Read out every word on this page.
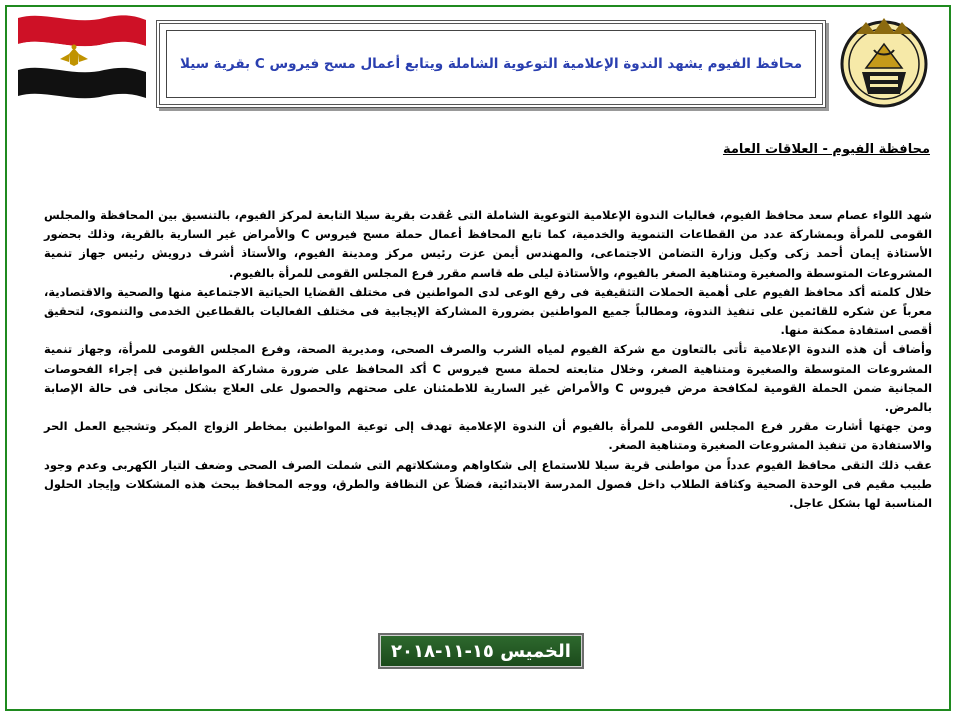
محافظ الفيوم يشهد الندوة الإعلامية التوعوية الشاملة ويتابع أعمال مسح فيروس C بقرية سيلا
محافظة الفيوم - العلاقات العامة

شهد اللواء عصام سعد محافظ الفيوم، فعاليات الندوة الإعلامية التوعوية الشاملة التى عُقدت بقرية سيلا التابعة لمركز الفيوم، بالتنسيق بين المحافظة والمجلس القومى للمرأة وبمشاركة عدد من القطاعات التنموية والخدمية، كما تابع المحافظ أعمال حملة مسح فيروس C والأمراض غير السارية بالقرية، وذلك بحضور الأستاذة إيمان أحمد زكى وكيل وزارة التضامن الاجتماعى، والمهندس أيمن عزت رئيس مركز ومدينة الفيوم، والأستاذ أشرف درويش رئيس جهاز تنمية المشروعات المتوسطة والصغيرة ومتناهية الصغر بالفيوم، والأستاذة ليلى طه قاسم مقرر فرع المجلس القومى للمرأة بالفيوم.

خلال كلمته أكد محافظ الفيوم على أهمية الحملات التثقيفية فى رفع الوعى لدى المواطنين فى مختلف القضايا الحياتية الاجتماعية منها والصحية والاقتصادية، معرباً عن شكره للقائمين على تنفيذ الندوة، ومطالباً جميع المواطنين بضرورة المشاركة الإيجابية فى مختلف الفعاليات بالقطاعين الخدمى والتنموى، لتحقيق أقصى استفادة ممكنة منها.

وأضاف أن هذه الندوة الإعلامية تأتى بالتعاون مع شركة الفيوم لمياه الشرب والصرف الصحى، ومديرية الصحة، وفرع المجلس القومى للمرأة، وجهاز تنمية المشروعات المتوسطة والصغيرة ومتناهية الصغر، وخلال متابعته لحملة مسح فيروس C أكد المحافظ على ضرورة مشاركة المواطنين فى إجراء الفحوصات المجانية ضمن الحملة القومية لمكافحة مرض فيروس C والأمراض غير السارية للاطمئنان على صحتهم والحصول على العلاج بشكل مجانى فى حالة الإصابة بالمرض.

ومن جهتها أشارت مقرر فرع المجلس القومى للمرأة بالفيوم أن الندوة الإعلامية تهدف إلى توعية المواطنين بمخاطر الزواج المبكر وتشجيع العمل الحر والاستفادة من تنفيذ المشروعات الصغيرة ومتناهية الصغر.

عقب ذلك التقى محافظ الفيوم عدداً من مواطنى قرية سيلا للاستماع إلى شكاواهم ومشكلاتهم التى شملت الصرف الصحى وضعف التيار الكهربى وعدم وجود طبيب مقيم فى الوحدة الصحية وكثافة الطلاب داخل فصول المدرسة الابتدائية، فضلاً عن النظافة والطرق، ووجه المحافظ ببحث هذه المشكلات وإيجاد الحلول المناسبة لها بشكل عاجل.

الخميس ١٥-١١-٢٠١٨
